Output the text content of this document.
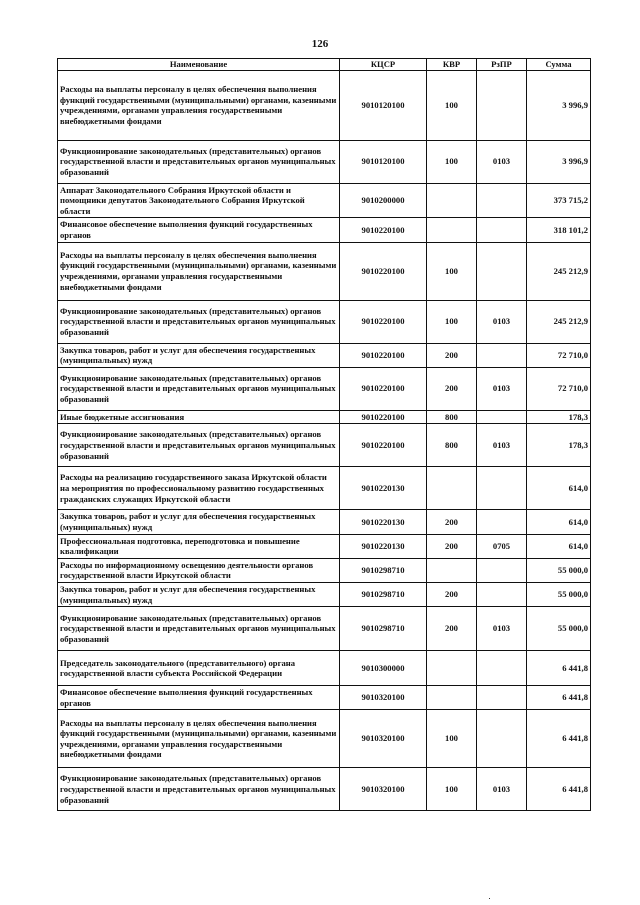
126
Наименование	КЦСР	КВР	РзПР	Сумма
Расходы на выплаты персоналу в целях обеспечения выполнения функций государственными (муниципальными) органами, казенными учреждениями, органами управления государственными внебюджетными фондами	9010120100	100		3 996,9
Функционирование законодательных (представительных) органов государственной власти и представительных органов муниципальных образований	9010120100	100	0103	3 996,9
Аппарат Законодательного Собрания Иркутской области и помощники депутатов Законодательного Собрания Иркутской области	9010200000			373 715,2
Финансовое обеспечение выполнения функций государственных органов	9010220100			318 101,2
Расходы на выплаты персоналу в целях обеспечения выполнения функций государственными (муниципальными) органами, казенными учреждениями, органами управления государственными внебюджетными фондами	9010220100	100		245 212,9
Функционирование законодательных (представительных) органов государственной власти и представительных органов муниципальных образований	9010220100	100	0103	245 212,9
Закупка товаров, работ и услуг для обеспечения государственных (муниципальных) нужд	9010220100	200		72 710,0
Функционирование законодательных (представительных) органов государственной власти и представительных органов муниципальных образований	9010220100	200	0103	72 710,0
Иные бюджетные ассигнования	9010220100	800		178,3
Функционирование законодательных (представительных) органов государственной власти и представительных органов муниципальных образований	9010220100	800	0103	178,3
Расходы на реализацию государственного заказа Иркутской области на мероприятия по профессиональному развитию государственных гражданских служащих Иркутской области	9010220130			614,0
Закупка товаров, работ и услуг для обеспечения государственных (муниципальных) нужд	9010220130	200		614,0
Профессиональная подготовка, переподготовка и повышение квалификации	9010220130	200	0705	614,0
Расходы по информационному освещению деятельности органов государственной власти Иркутской области	9010298710			55 000,0
Закупка товаров, работ и услуг для обеспечения государственных (муниципальных) нужд	9010298710	200		55 000,0
Функционирование законодательных (представительных) органов государственной власти и представительных органов муниципальных образований	9010298710	200	0103	55 000,0
Председатель законодательного (представительного) органа государственной власти субъекта Российской Федерации	9010300000			6 441,8
Финансовое обеспечение выполнения функций государственных органов	9010320100			6 441,8
Расходы на выплаты персоналу в целях обеспечения выполнения функций государственными (муниципальными) органами, казенными учреждениями, органами управления государственными внебюджетными фондами	9010320100	100		6 441,8
Функционирование законодательных (представительных) органов государственной власти и представительных органов муниципальных образований	9010320100	100	0103	6 441,8
